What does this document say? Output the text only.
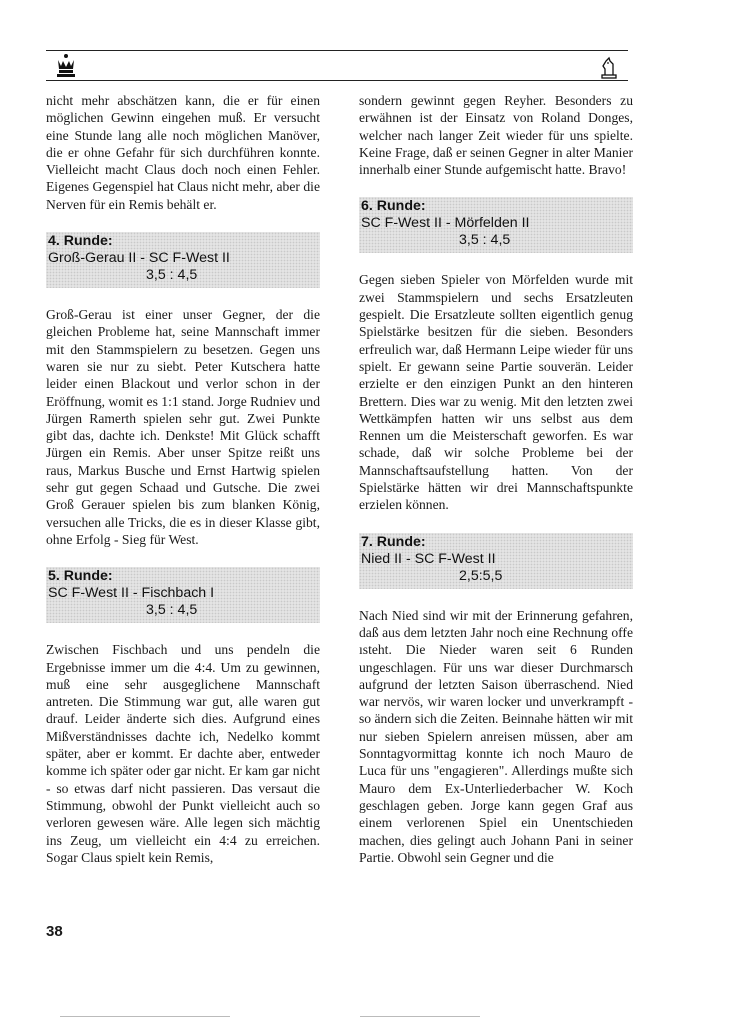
nicht mehr abschätzen kann, die er für einen möglichen Gewinn eingehen muß. Er versucht eine Stunde lang alle noch möglichen Manöver, die er ohne Gefahr für sich durchführen konnte. Vielleicht macht Claus doch noch einen Fehler. Eigenes Gegenspiel hat Claus nicht mehr, aber die Nerven für ein Remis behält er.

4. Runde:
Groß-Gerau II - SC F-West II
3,5 : 4,5

Groß-Gerau ist einer unser Gegner, der die gleichen Probleme hat, seine Mannschaft immer mit den Stammspielern zu besetzen. Gegen uns waren sie nur zu siebt. Peter Kutschera hatte leider einen Blackout und verlor schon in der Eröffnung, womit es 1:1 stand. Jorge Rudniev und Jürgen Ramerth spielen sehr gut. Zwei Punkte gibt das, dachte ich. Denkste! Mit Glück schafft Jürgen ein Remis. Aber unser Spitze reißt uns raus, Markus Busche und Ernst Hartwig spielen sehr gut gegen Schaad und Gutsche. Die zwei Groß Gerauer spielen bis zum blanken König, versuchen alle Tricks, die es in dieser Klasse gibt, ohne Erfolg - Sieg für West.

5. Runde:
SC F-West II - Fischbach I
3,5 : 4,5

Zwischen Fischbach und uns pendeln die Ergebnisse immer um die 4:4. Um zu gewinnen, muß eine sehr ausgeglichene Mannschaft antreten. Die Stimmung war gut, alle waren gut drauf. Leider änderte sich dies. Aufgrund eines Mißverständnisses dachte ich, Nedelko kommt später, aber er kommt. Er dachte aber, entweder komme ich später oder gar nicht. Er kam gar nicht - so etwas darf nicht passieren. Das versaut die Stimmung, obwohl der Punkt vielleicht auch so verloren gewesen wäre. Alle legen sich mächtig ins Zeug, um vielleicht ein 4:4 zu erreichen. Sogar Claus spielt kein Remis,

sondern gewinnt gegen Reyher. Besonders zu erwähnen ist der Einsatz von Roland Donges, welcher nach langer Zeit wieder für uns spielte. Keine Frage, daß er seinen Gegner in alter Manier innerhalb einer Stunde aufgemischt hatte. Bravo!

6. Runde:
SC F-West II - Mörfelden II
3,5 : 4,5

Gegen sieben Spieler von Mörfelden wurde mit zwei Stammspielern und sechs Ersatzleuten gespielt. Die Ersatzleute sollten eigentlich genug Spielstärke besitzen für die sieben. Besonders erfreulich war, daß Hermann Leipe wieder für uns spielt. Er gewann seine Partie souverän. Leider erzielte er den einzigen Punkt an den hinteren Brettern. Dies war zu wenig. Mit den letzten zwei Wettkämpfen hatten wir uns selbst aus dem Rennen um die Meisterschaft geworfen. Es war schade, daß wir solche Probleme bei der Mannschaftsaufstellung hatten. Von der Spielstärke hätten wir drei Mannschaftspunkte erzielen können.

7. Runde:
Nied II - SC F-West II
2,5:5,5

Nach Nied sind wir mit der Erinnerung gefahren, daß aus dem letzten Jahr noch eine Rechnung offe ısteht. Die Nieder waren seit 6 Runden ungeschlagen. Für uns war dieser Durchmarsch aufgrund der letzten Saison überraschend. Nied war nervös, wir waren locker und unverkrampft - so ändern sich die Zeiten. Beinnahe hätten wir mit nur sieben Spielern anreisen müssen, aber am Sonntagvormittag konnte ich noch Mauro de Luca für uns "engagieren". Allerdings mußte sich Mauro dem Ex-Unterliederbacher W. Koch geschlagen geben. Jorge kann gegen Graf aus einem verlorenen Spiel ein Unentschieden machen, dies gelingt auch Johann Pani in seiner Partie. Obwohl sein Gegner und die

38
